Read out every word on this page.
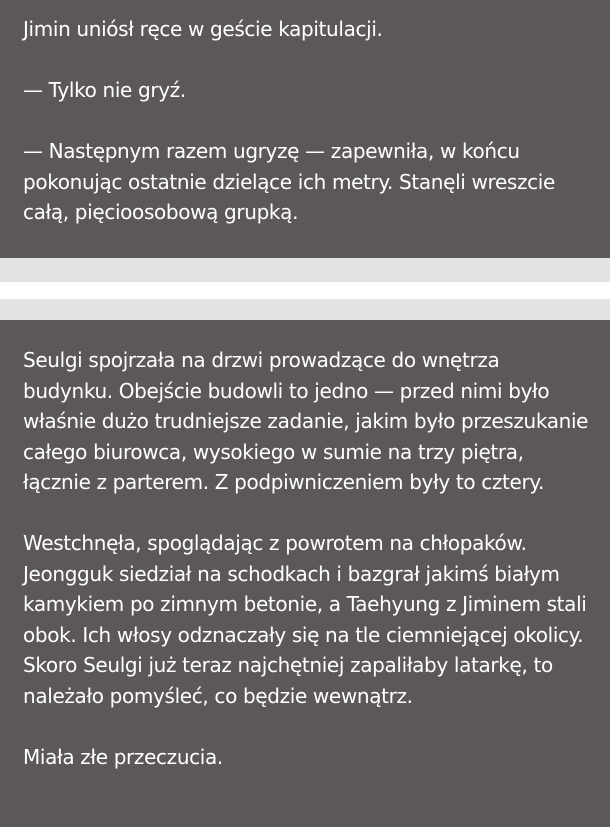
Jimin uniósł ręce w geście kapitulacji.

— Tylko nie gryź.

— Następnym razem ugryzę — zapewniła, w końcu pokonując ostatnie dzielące ich metry. Stanęli wreszcie całą, pięcioosobową grupką.

Seulgi spojrzała na drzwi prowadzące do wnętrza budynku. Obejście budowli to jedno — przed nimi było właśnie dużo trudniejsze zadanie, jakim było przeszukanie całego biurowca, wysokiego w sumie na trzy piętra, łącznie z parterem. Z podpiwniczeniem były to cztery.

Westchnęła, spoglądając z powrotem na chłopaków. Jeongguk siedział na schodkach i bazgrał jakimś białym kamykiem po zimnym betonie, a Taehyung z Jiminem stali obok. Ich włosy odznaczały się na tle ciemniejącej okolicy. Skoro Seulgi już teraz najchętniej zapaliłaby latarkę, to należało pomyśleć, co będzie wewnątrz.

Miała złe przeczucia.
